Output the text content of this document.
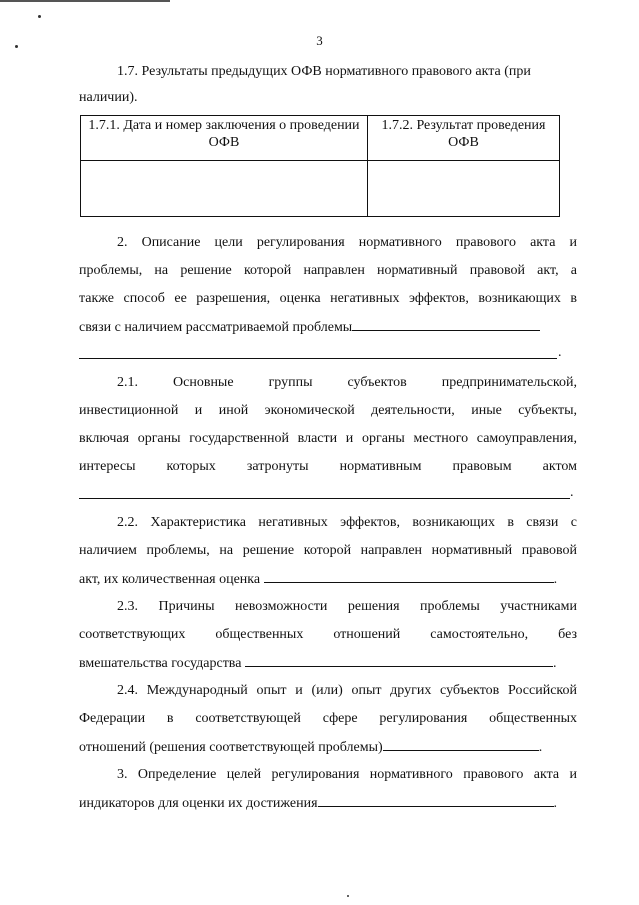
3
1.7. Результаты предыдущих ОФВ нормативного правового акта (при
наличии).
1.7.1. Дата и номер заключения о проведении ОФВ	1.7.2. Результат проведения ОФВ

2. Описание цели регулирования нормативного правового акта и
проблемы, на решение которой направлен нормативный правовой акт, а
также способ ее разрешения, оценка негативных эффектов, возникающих в
связи с наличием рассматриваемой проблемы
.
2.1. Основные группы субъектов предпринимательской,
инвестиционной и иной экономической деятельности, иные субъекты,
включая органы государственной власти и органы местного самоуправления,
интересы которых затронуты нормативным правовым актом
.
2.2. Характеристика негативных эффектов, возникающих в связи с
наличием проблемы, на решение которой направлен нормативный правовой
акт, их количественная оценка	.
2.3. Причины невозможности решения проблемы участниками
соответствующих общественных отношений самостоятельно, без
вмешательства государства	.
2.4. Международный опыт и (или) опыт других субъектов Российской
Федерации в соответствующей сфере регулирования общественных
отношений (решения соответствующей проблемы)	.
3. Определение целей регулирования нормативного правового акта и
индикаторов для оценки их достижения	.
